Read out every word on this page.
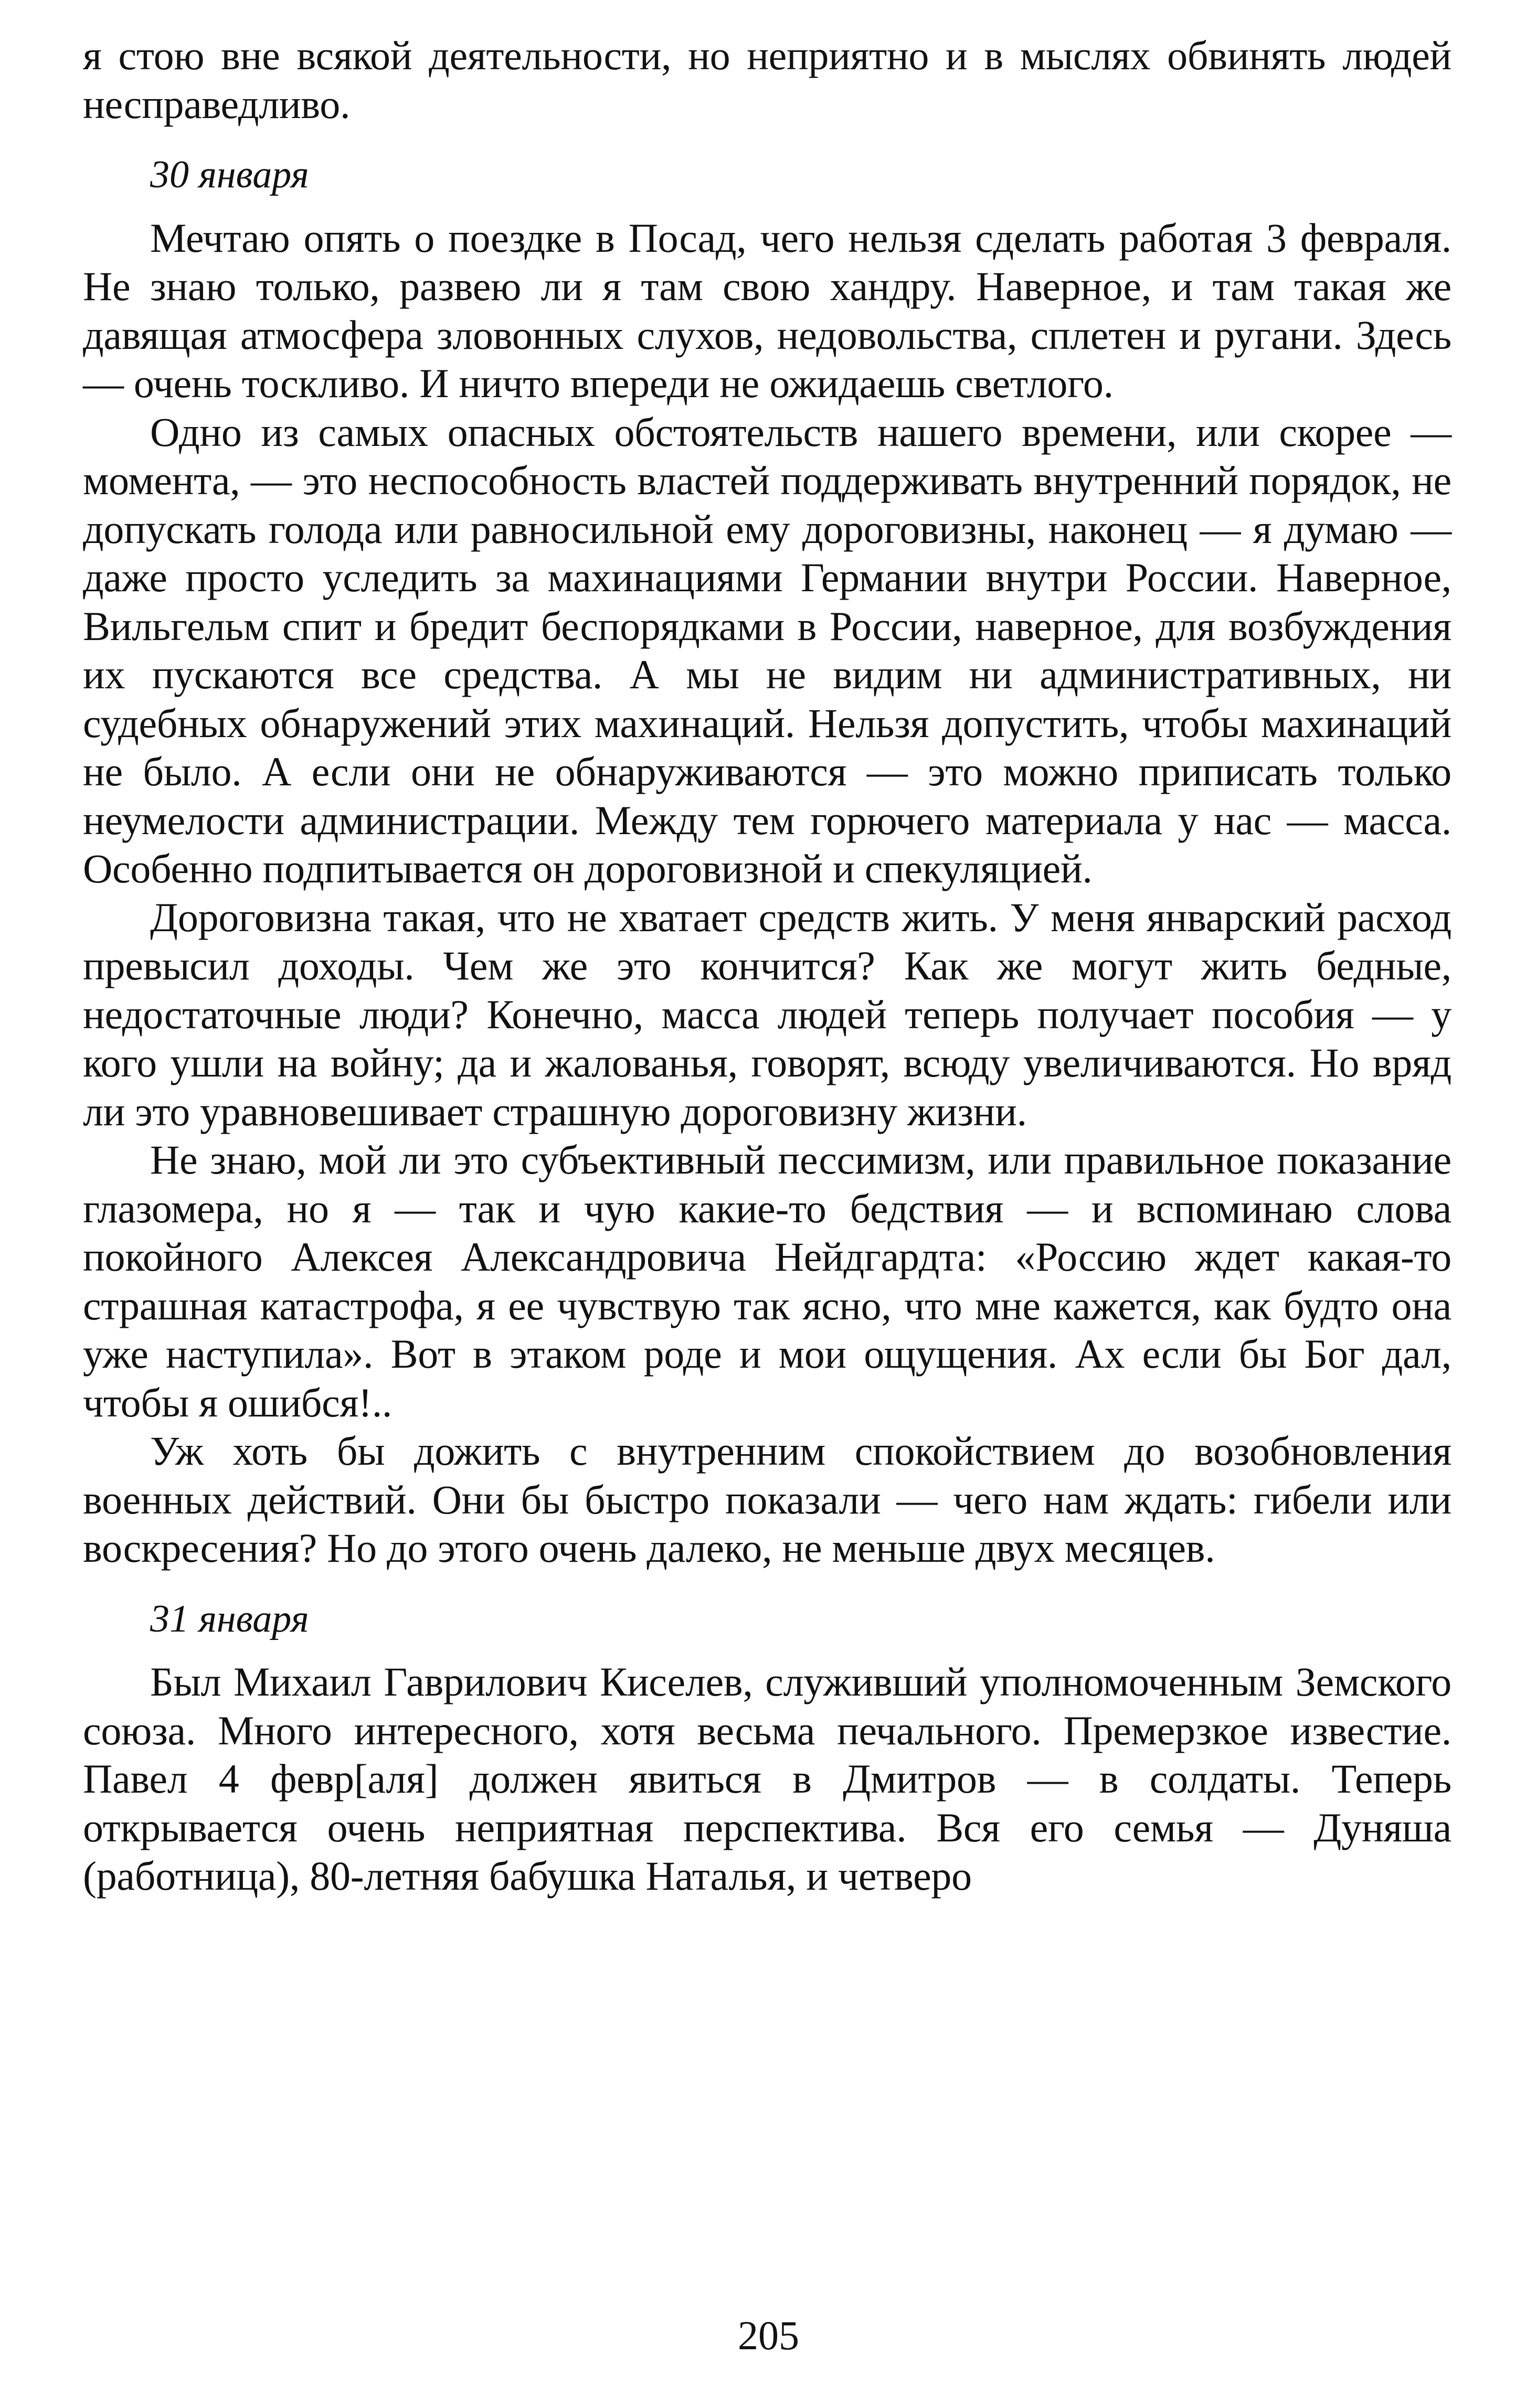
я стою вне всякой деятельности, но неприятно и в мыслях обвинять людей несправедливо.

30 января

Мечтаю опять о поездке в Посад, чего нельзя сделать работая 3 февраля. Не знаю только, развею ли я там свою хандру. Наверное, и там такая же давящая атмосфера зловонных слухов, недовольства, сплетен и ругани. Здесь — очень тоскливо. И ничто впереди не ожидаешь светлого.

Одно из самых опасных обстоятельств нашего времени, или скорее — момента, — это неспособность властей поддерживать внутренний порядок, не допускать голода или равносильной ему дороговизны, наконец — я думаю — даже просто уследить за махинациями Германии внутри России. Наверное, Вильгельм спит и бредит беспорядками в России, наверное, для возбуждения их пускаются все средства. А мы не видим ни административных, ни судебных обнаружений этих махинаций. Нельзя допустить, чтобы махинаций не было. А если они не обнаруживаются — это можно приписать только неумелости администрации. Между тем горючего материала у нас — масса. Особенно подпитывается он дороговизной и спекуляцией.

Дороговизна такая, что не хватает средств жить. У меня январский расход превысил доходы. Чем же это кончится? Как же могут жить бедные, недостаточные люди? Конечно, масса людей теперь получает пособия — у кого ушли на войну; да и жалованья, говорят, всюду увеличиваются. Но вряд ли это уравновешивает страшную дороговизну жизни.

Не знаю, мой ли это субъективный пессимизм, или правильное показание глазомера, но я — так и чую какие-то бедствия — и вспоминаю слова покойного Алексея Александровича Нейдгардта: «Россию ждет какая-то страшная катастрофа, я ее чувствую так ясно, что мне кажется, как будто она уже наступила». Вот в этаком роде и мои ощущения. Ах если бы Бог дал, чтобы я ошибся!..

Уж хоть бы дожить с внутренним спокойствием до возобновления военных действий. Они бы быстро показали — чего нам ждать: гибели или воскресения? Но до этого очень далеко, не меньше двух месяцев.

31 января

Был Михаил Гаврилович Киселев, служивший уполномоченным Земского союза. Много интересного, хотя весьма печального. Премерзкое известие. Павел 4 февр[аля] должен явиться в Дмитров — в солдаты. Теперь открывается очень неприятная перспектива. Вся его семья — Дуняша (работница), 80-летняя бабушка Наталья, и четверо

205
